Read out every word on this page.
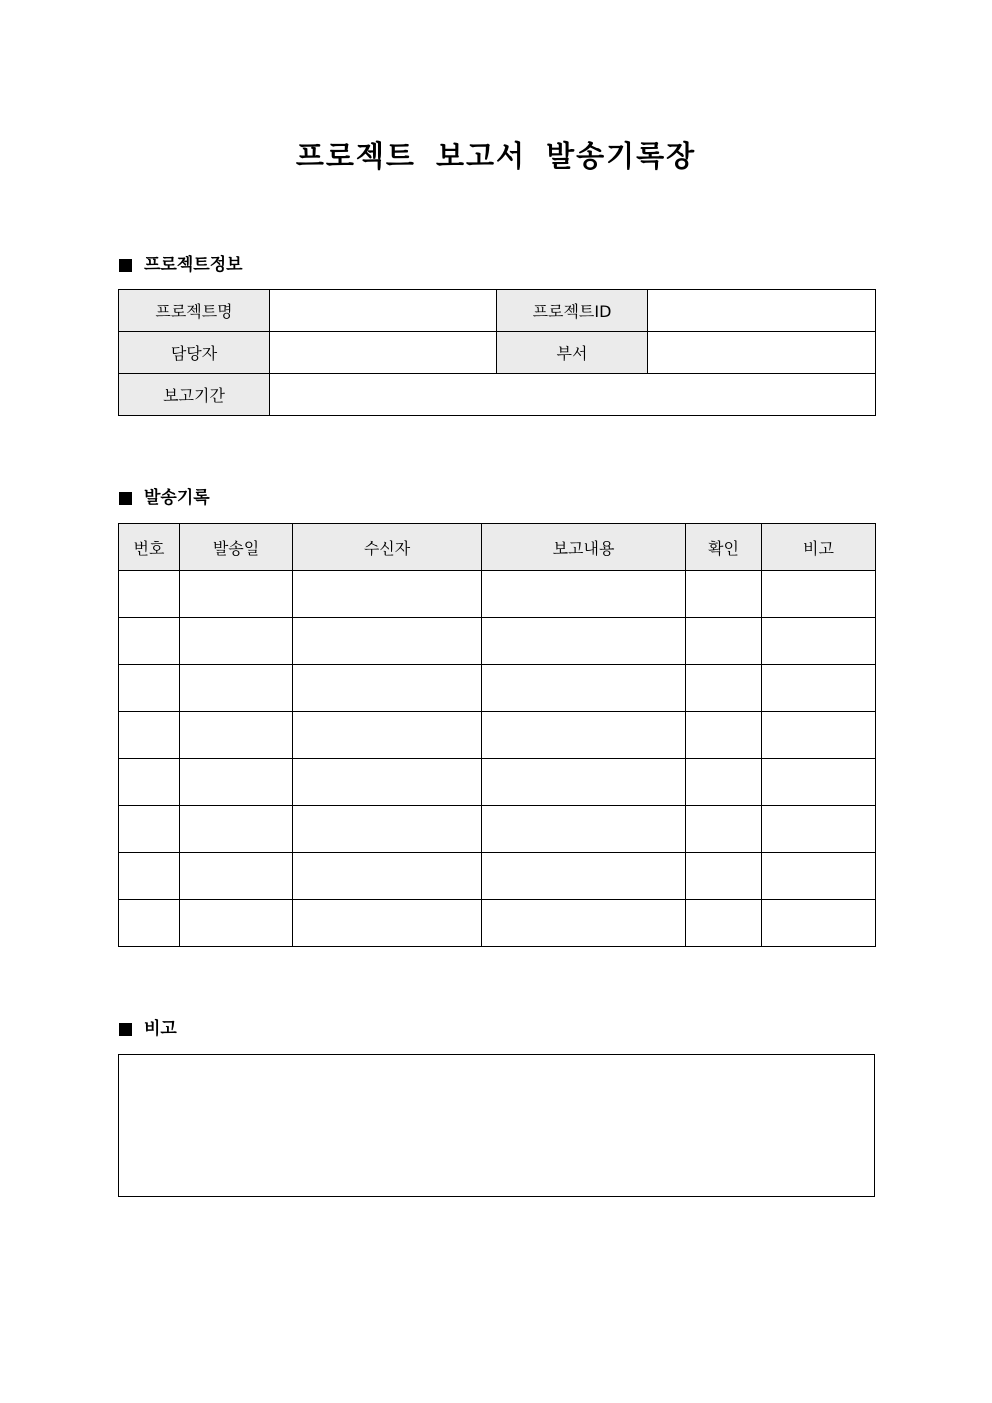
프로젝트 보고서 발송기록장
프로젝트정보
프로젝트명		프로젝트ID	
담당자		부서	
보고기간			
발송기록
번호	발송일	수신자	보고내용	확인	비고

비고
